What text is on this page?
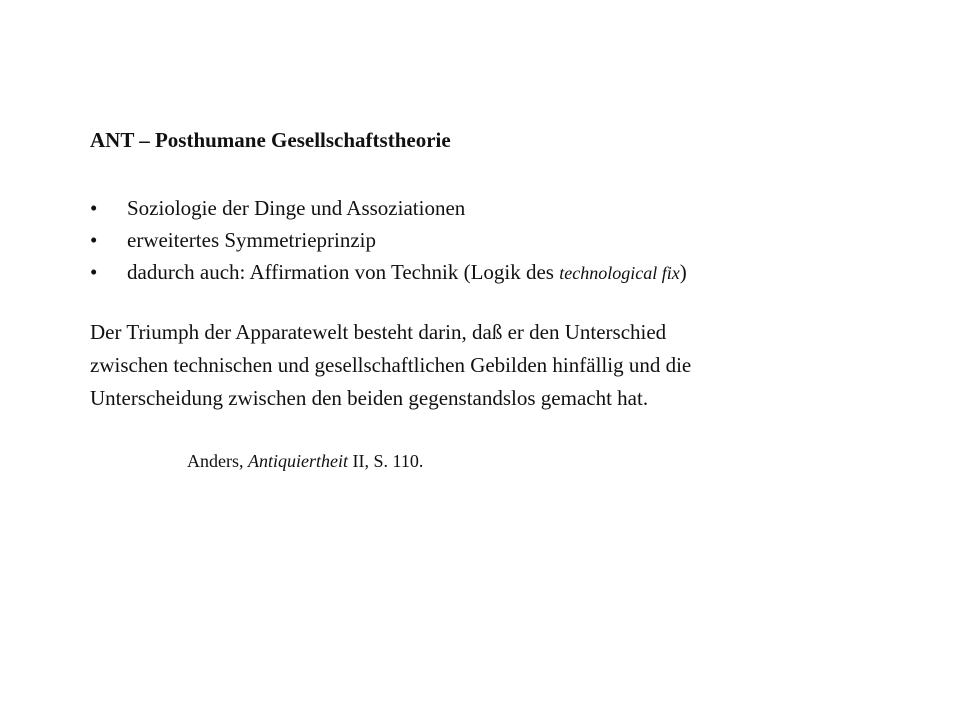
ANT – Posthumane Gesellschaftstheorie
• Soziologie der Dinge und Assoziationen
• erweitertes Symmetrieprinzip
• dadurch auch: Affirmation von Technik (Logik des technological fix)
Der Triumph der Apparatewelt besteht darin, daß er den Unterschied
zwischen technischen und gesellschaftlichen Gebilden hinfällig und die
Unterscheidung zwischen den beiden gegenstandslos gemacht hat.
Anders, Antiquiertheit II, S. 110.
